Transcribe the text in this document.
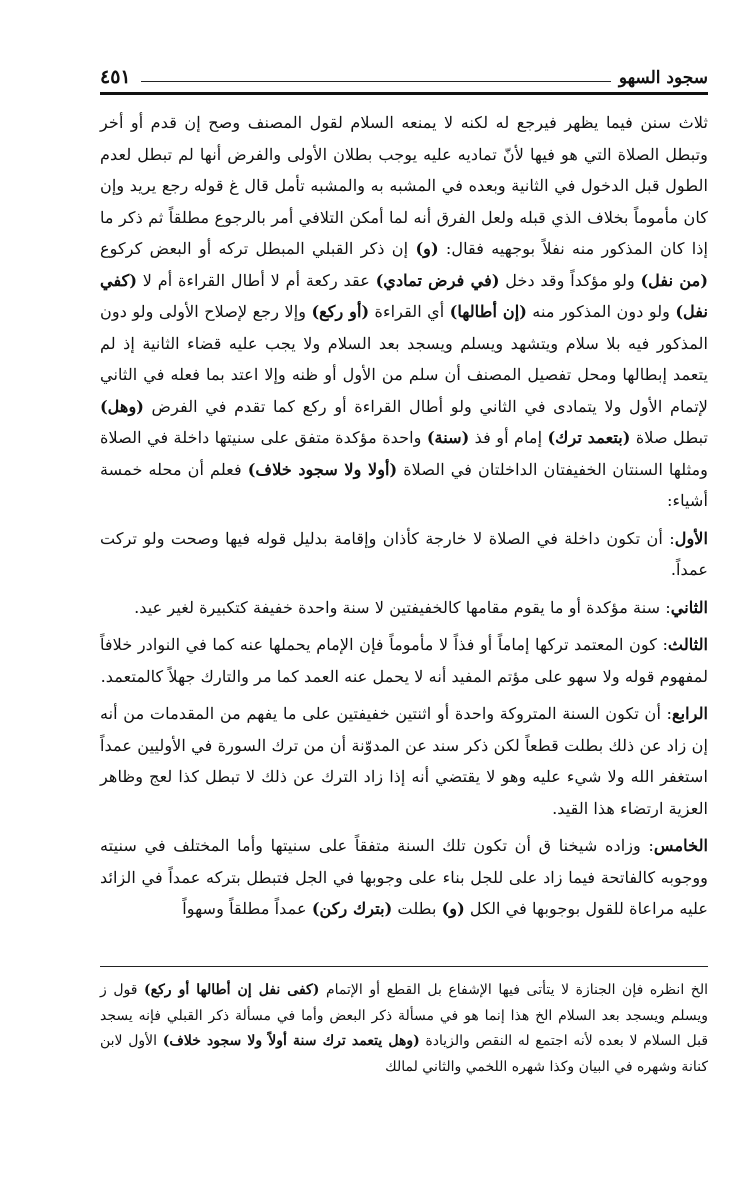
سجود السهو
٤٥١

ثلاث سنن فيما يظهر فيرجع له لكنه لا يمنعه السلام لقول المصنف وصح إن قدم أو أخر وتبطل الصلاة التي هو فيها لأنّ تماديه عليه يوجب بطلان الأولى والفرض أنها لم تبطل لعدم الطول قبل الدخول في الثانية وبعده في المشبه به والمشبه تأمل قال غ قوله رجع يريد وإن كان مأموماً بخلاف الذي قبله ولعل الفرق أنه لما أمكن التلافي أمر بالرجوع مطلقاً ثم ذكر ما إذا كان المذكور منه نفلاً بوجهيه فقال: (و) إن ذكر القبلي المبطل تركه أو البعض كركوع (من نفل) ولو مؤكداً وقد دخل (في فرض تمادي) عقد ركعة أم لا أطال القراءة أم لا (كفي نفل) ولو دون المذكور منه (إن أطالها) أي القراءة (أو ركع) وإلا رجع لإصلاح الأولى ولو دون المذكور فيه بلا سلام ويتشهد ويسلم ويسجد بعد السلام ولا يجب عليه قضاء الثانية إذ لم يتعمد إبطالها ومحل تفصيل المصنف أن سلم من الأول أو ظنه وإلا اعتد بما فعله في الثاني لإتمام الأول ولا يتمادى في الثاني ولو أطال القراءة أو ركع كما تقدم في الفرض (وهل) تبطل صلاة (بتعمد ترك) إمام أو فذ (سنة) واحدة مؤكدة متفق على سنيتها داخلة في الصلاة ومثلها السنتان الخفيفتان الداخلتان في الصلاة (أولا ولا سجود خلاف) فعلم أن محله خمسة أشياء:

الأول: أن تكون داخلة في الصلاة لا خارجة كأذان وإقامة بدليل قوله فيها وصحت ولو تركت عمداً.

الثاني: سنة مؤكدة أو ما يقوم مقامها كالخفيفتين لا سنة واحدة خفيفة كتكبيرة لغير عيد.

الثالث: كون المعتمد تركها إماماً أو فذاً لا مأموماً فإن الإمام يحملها عنه كما في النوادر خلافاً لمفهوم قوله ولا سهو على مؤتم المفيد أنه لا يحمل عنه العمد كما مر والتارك جهلاً كالمتعمد.

الرابع: أن تكون السنة المتروكة واحدة أو اثنتين خفيفتين على ما يفهم من المقدمات من أنه إن زاد عن ذلك بطلت قطعاً لكن ذكر سند عن المدوّنة أن من ترك السورة في الأوليين عمداً استغفر الله ولا شيء عليه وهو لا يقتضي أنه إذا زاد الترك عن ذلك لا تبطل كذا لعج وظاهر العزية ارتضاء هذا القيد.

الخامس: وزاده شيخنا ق أن تكون تلك السنة متفقاً على سنيتها وأما المختلف في سنيته ووجوبه كالفاتحة فيما زاد على للجل بناء على وجوبها في الجل فتبطل بتركه عمداً في الزائد عليه مراعاة للقول بوجوبها في الكل (و) بطلت (بترك ركن) عمداً مطلقاً وسهواً

الخ انظره فإن الجنازة لا يتأتى فيها الإشفاع بل القطع أو الإتمام (كفى نفل إن أطالها أو ركع) قول ز ويسلم ويسجد بعد السلام الخ هذا إنما هو في مسألة ذكر البعض وأما في مسألة ذكر القبلي فإنه يسجد قبل السلام لا بعده لأنه اجتمع له النقص والزيادة (وهل يتعمد ترك سنة أولاً ولا سجود خلاف) الأول لابن كنانة وشهره في البيان وكذا شهره اللخمي والثاني لمالك
